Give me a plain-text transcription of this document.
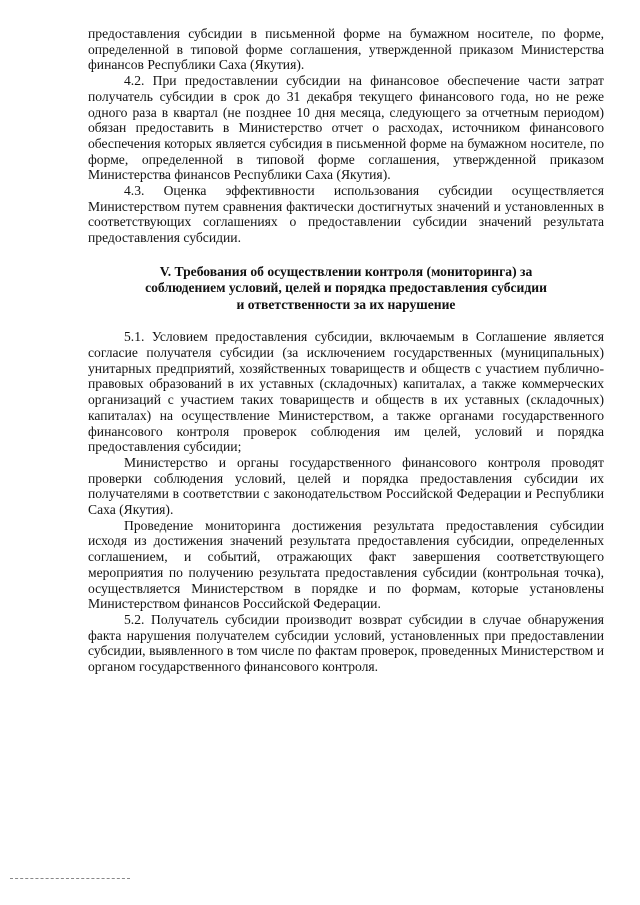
предоставления субсидии в письменной форме на бумажном носителе, по форме, определенной в типовой форме соглашения, утвержденной приказом Министерства финансов Республики Саха (Якутия).

4.2. При предоставлении субсидии на финансовое обеспечение части затрат получатель субсидии в срок до 31 декабря текущего финансового года, но не реже одного раза в квартал (не позднее 10 дня месяца, следующего за отчетным периодом) обязан предоставить в Министерство отчет о расходах, источником финансового обеспечения которых является субсидия в письменной форме на бумажном носителе, по форме, определенной в типовой форме соглашения, утвержденной приказом Министерства финансов Республики Саха (Якутия).

4.3. Оценка эффективности использования субсидии осуществляется Министерством путем сравнения фактически достигнутых значений и установленных в соответствующих соглашениях о предоставлении субсидии значений результата предоставления субсидии.

V. Требования об осуществлении контроля (мониторинга) за
соблюдением условий, целей и порядка предоставления субсидии
и ответственности за их нарушение

5.1. Условием предоставления субсидии, включаемым в Соглашение является согласие получателя субсидии (за исключением государственных (муниципальных) унитарных предприятий, хозяйственных товариществ и обществ с участием публично-правовых образований в их уставных (складочных) капиталах, а также коммерческих организаций с участием таких товариществ и обществ в их уставных (складочных) капиталах) на осуществление Министерством, а также органами государственного финансового контроля проверок соблюдения им целей, условий и порядка предоставления субсидии;

Министерство и органы государственного финансового контроля проводят проверки соблюдения условий, целей и порядка предоставления субсидии их получателями в соответствии с законодательством Российской Федерации и Республики Саха (Якутия).

Проведение мониторинга достижения результата предоставления субсидии исходя из достижения значений результата предоставления субсидии, определенных соглашением, и событий, отражающих факт завершения соответствующего мероприятия по получению результата предоставления субсидии (контрольная точка), осуществляется Министерством в порядке и по формам, которые установлены Министерством финансов Российской Федерации.

5.2. Получатель субсидии производит возврат субсидии в случае обнаружения факта нарушения получателем субсидии условий, установленных при предоставлении субсидии, выявленного в том числе по фактам проверок, проведенных Министерством и органом государственного финансового контроля.
